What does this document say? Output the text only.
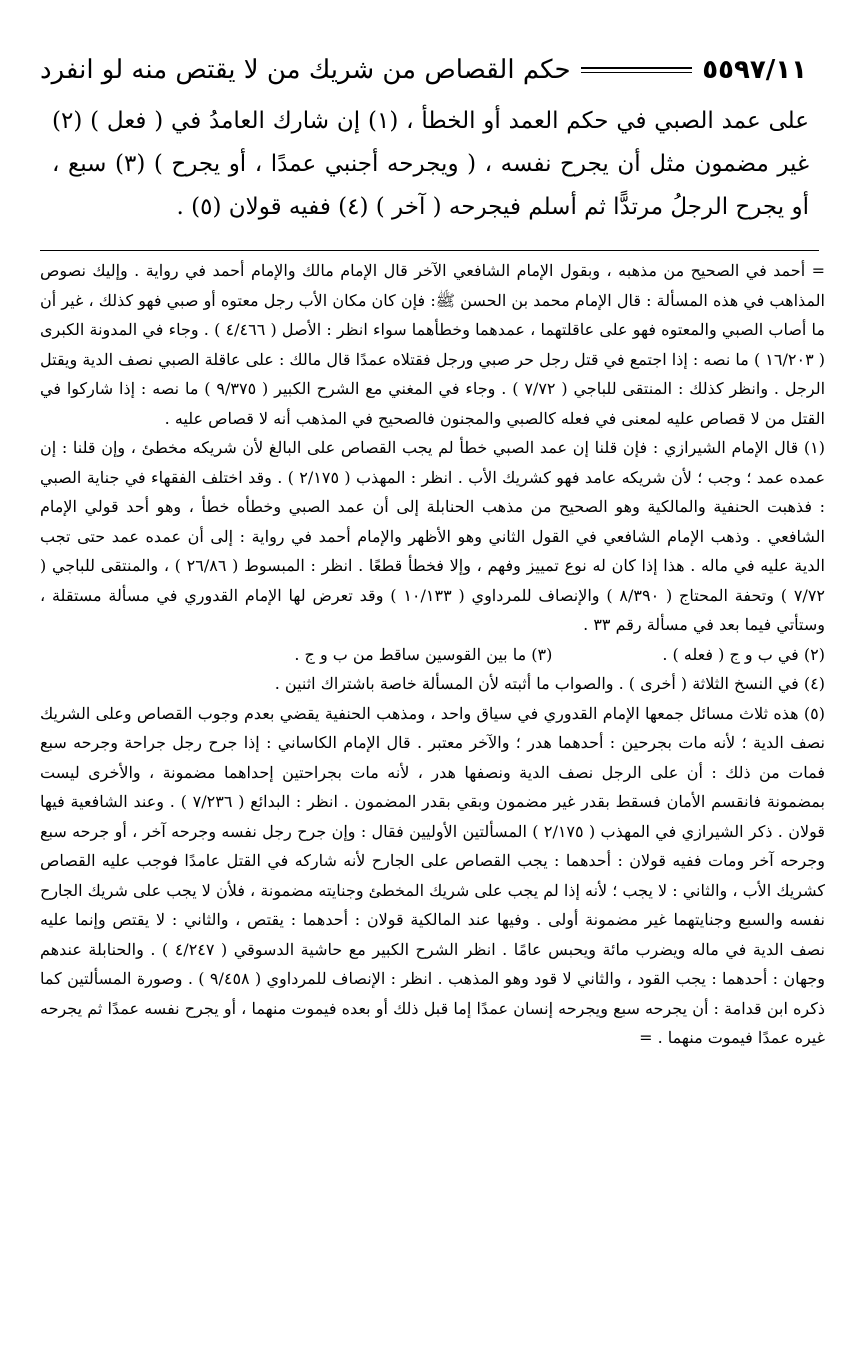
حكم القصاص من شريك من لا يقتص منه لو انفرد	٥٥٩٧/١١

على عمد الصبي في حكم العمد أو الخطأ ، (١) إن شارك العامدُ في ( فعل ) (٢) غير مضمون مثل أن يجرح نفسه ، ( ويجرحه أجنبي عمدًا ، أو يجرح ) (٣) سبع ، أو يجرح الرجلُ مرتدًّا ثم أسلم فيجرحه ( آخر ) (٤) ففيه قولان (٥) .

= أحمد في الصحيح من مذهبه ، وبقول الإمام الشافعي الآخر قال الإمام مالك والإمام أحمد في رواية . وإليك نصوص المذاهب في هذه المسألة : قال الإمام محمد بن الحسن ﷺ: فإن كان مكان الأب رجل معتوه أو صبي فهو كذلك ، غير أن ما أصاب الصبي والمعتوه فهو على عاقلتهما ، عمدهما وخطأهما سواء انظر : الأصل ( ٤/٤٦٦ ) . وجاء في المدونة الكبرى ( ١٦/٢٠٣ ) ما نصه : إذا اجتمع في قتل رجل حر صبي ورجل فقتلاه عمدًا قال مالك : على عاقلة الصبي نصف الدية ويقتل الرجل . وانظر كذلك : المنتقى للباجي ( ٧/٧٢ ) . وجاء في المغني مع الشرح الكبير ( ٩/٣٧٥ ) ما نصه : إذا شاركوا في القتل من لا قصاص عليه لمعنى في فعله كالصبي والمجنون فالصحيح في المذهب أنه لا قصاص عليه .

(١) قال الإمام الشيرازي : فإن قلنا إن عمد الصبي خطأ لم يجب القصاص على البالغ لأن شريكه مخطئ ، وإن قلنا : إن عمده عمد ؛ وجب ؛ لأن شريكه عامد فهو كشريك الأب . انظر : المهذب ( ٢/١٧٥ ) . وقد اختلف الفقهاء في جناية الصبي : فذهبت الحنفية والمالكية وهو الصحيح من مذهب الحنابلة إلى أن عمد الصبي وخطأه خطأ ، وهو أحد قولي الإمام الشافعي . وذهب الإمام الشافعي في القول الثاني وهو الأظهر والإمام أحمد في رواية : إلى أن عمده عمد حتى تجب الدية عليه في ماله . هذا إذا كان له نوع تمييز وفهم ، وإلا فخطأ قطعًا . انظر : المبسوط ( ٢٦/٨٦ ) ، والمنتقى للباجي ( ٧/٧٢ ) وتحفة المحتاج ( ٨/٣٩٠ ) والإنصاف للمرداوي ( ١٠/١٣٣ ) وقد تعرض لها الإمام القدوري في مسألة مستقلة ، وستأتي فيما بعد في مسألة رقم ٣٣ .

(٢) في ب و ج ( فعله ) .
(٣) ما بين القوسين ساقط من ب و ج .

(٤) في النسخ الثلاثة ( أخرى ) . والصواب ما أثبته لأن المسألة خاصة باشتراك اثنين .

(٥) هذه ثلاث مسائل جمعها الإمام القدوري في سياق واحد ، ومذهب الحنفية يقضي بعدم وجوب القصاص وعلى الشريك نصف الدية ؛ لأنه مات بجرحين : أحدهما هدر ؛ والآخر معتبر . قال الإمام الكاساني : إذا جرح رجل جراحة وجرحه سبع فمات من ذلك : أن على الرجل نصف الدية ونصفها هدر ، لأنه مات بجراحتين إحداهما مضمونة ، والأخرى ليست بمضمونة فانقسم الأمان فسقط بقدر غير مضمون وبقي بقدر المضمون . انظر : البدائع ( ٧/٢٣٦ ) . وعند الشافعية فيها قولان . ذكر الشيرازي في المهذب ( ٢/١٧٥ ) المسألتين الأوليين فقال : وإن جرح رجل نفسه وجرحه آخر ، أو جرحه سبع وجرحه آخر ومات ففيه قولان : أحدهما : يجب القصاص على الجارح لأنه شاركه في القتل عامدًا فوجب عليه القصاص كشريك الأب ، والثاني : لا يجب ؛ لأنه إذا لم يجب على شريك المخطئ وجنايته مضمونة ، فلأن لا يجب على شريك الجارح نفسه والسبع وجنايتهما غير مضمونة أولى . وفيها عند المالكية قولان : أحدهما : يقتص ، والثاني : لا يقتص وإنما عليه نصف الدية في ماله ويضرب مائة ويحبس عامًا . انظر الشرح الكبير مع حاشية الدسوقي ( ٤/٢٤٧ ) . والحنابلة عندهم وجهان : أحدهما : يجب القود ، والثاني لا قود وهو المذهب . انظر : الإنصاف للمرداوي ( ٩/٤٥٨ ) . وصورة المسألتين كما ذكره ابن قدامة : أن يجرحه سبع ويجرحه إنسان عمدًا إما قبل ذلك أو بعده فيموت منهما ، أو يجرح نفسه عمدًا ثم يجرحه غيره عمدًا فيموت منهما . =
